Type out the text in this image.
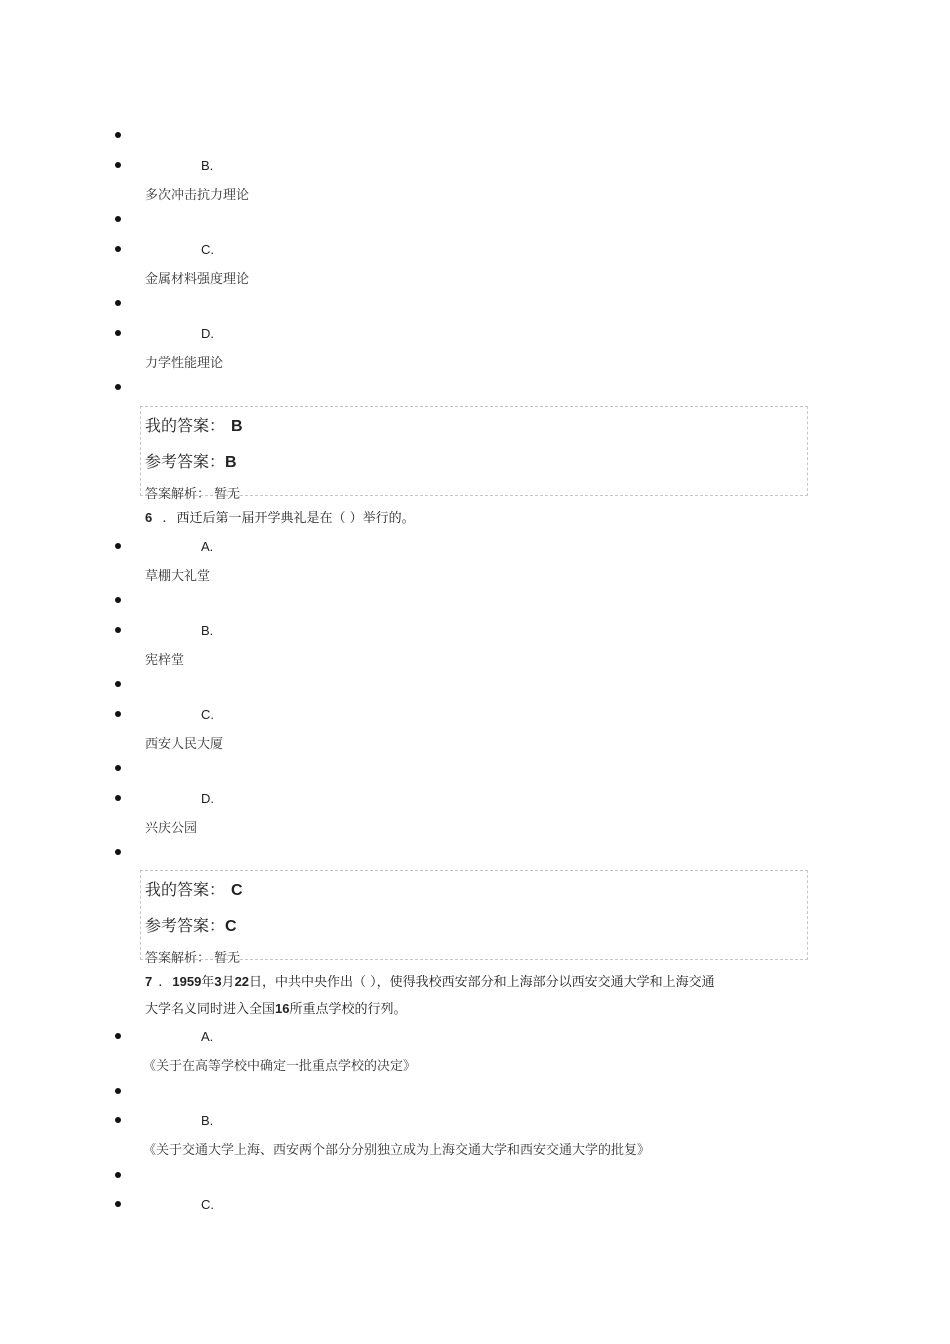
B.
多次冲击抗力理论
C.
金属材料强度理论
D.
力学性能理论
我的答案： B
参考答案：B
答案解析： 暂无
6 . 西迁后第一届开学典礼是在（ ）举行的。
A.
草棚大礼堂
B.
宪梓堂
C.
西安人民大厦
D.
兴庆公园
我的答案： C
参考答案：C
答案解析： 暂无
7 . 1959年3月22日，中共中央作出（ ），使得我校西安部分和上海部分以西安交通大学和上海交通
大学名义同时进入全国16所重点学校的行列。
A.
《关于在高等学校中确定一批重点学校的决定》
B.
《关于交通大学上海、西安两个部分分别独立成为上海交通大学和西安交通大学的批复》
C.
